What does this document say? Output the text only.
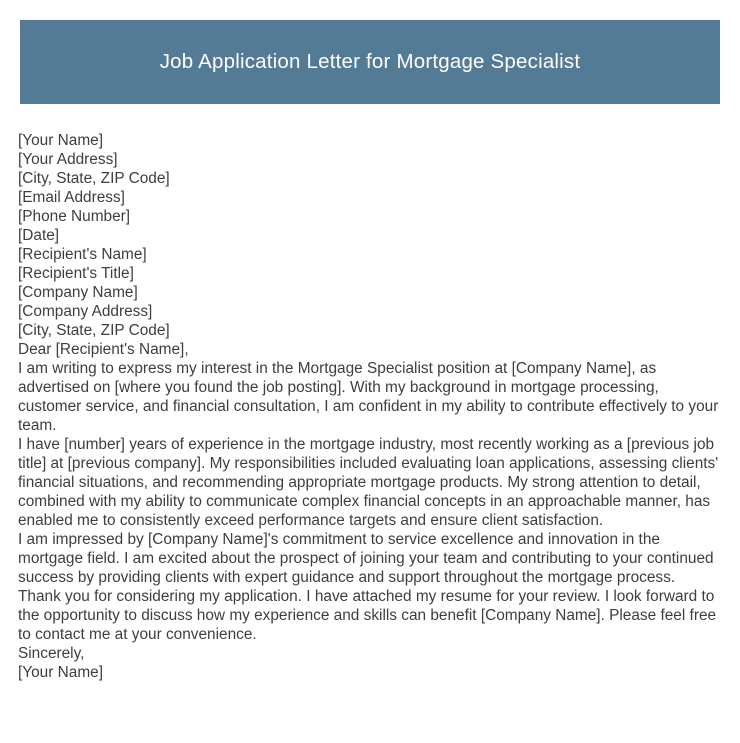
Job Application Letter for Mortgage Specialist
[Your Name]
[Your Address]
[City, State, ZIP Code]
[Email Address]
[Phone Number]
[Date]
[Recipient's Name]
[Recipient's Title]
[Company Name]
[Company Address]
[City, State, ZIP Code]

Dear [Recipient's Name],

I am writing to express my interest in the Mortgage Specialist position at [Company Name], as advertised on [where you found the job posting]. With my background in mortgage processing, customer service, and financial consultation, I am confident in my ability to contribute effectively to your team.

I have [number] years of experience in the mortgage industry, most recently working as a [previous job title] at [previous company]. My responsibilities included evaluating loan applications, assessing clients' financial situations, and recommending appropriate mortgage products. My strong attention to detail, combined with my ability to communicate complex financial concepts in an approachable manner, has enabled me to consistently exceed performance targets and ensure client satisfaction.

I am impressed by [Company Name]'s commitment to service excellence and innovation in the mortgage field. I am excited about the prospect of joining your team and contributing to your continued success by providing clients with expert guidance and support throughout the mortgage process.

Thank you for considering my application. I have attached my resume for your review. I look forward to the opportunity to discuss how my experience and skills can benefit [Company Name]. Please feel free to contact me at your convenience.

Sincerely,
[Your Name]
